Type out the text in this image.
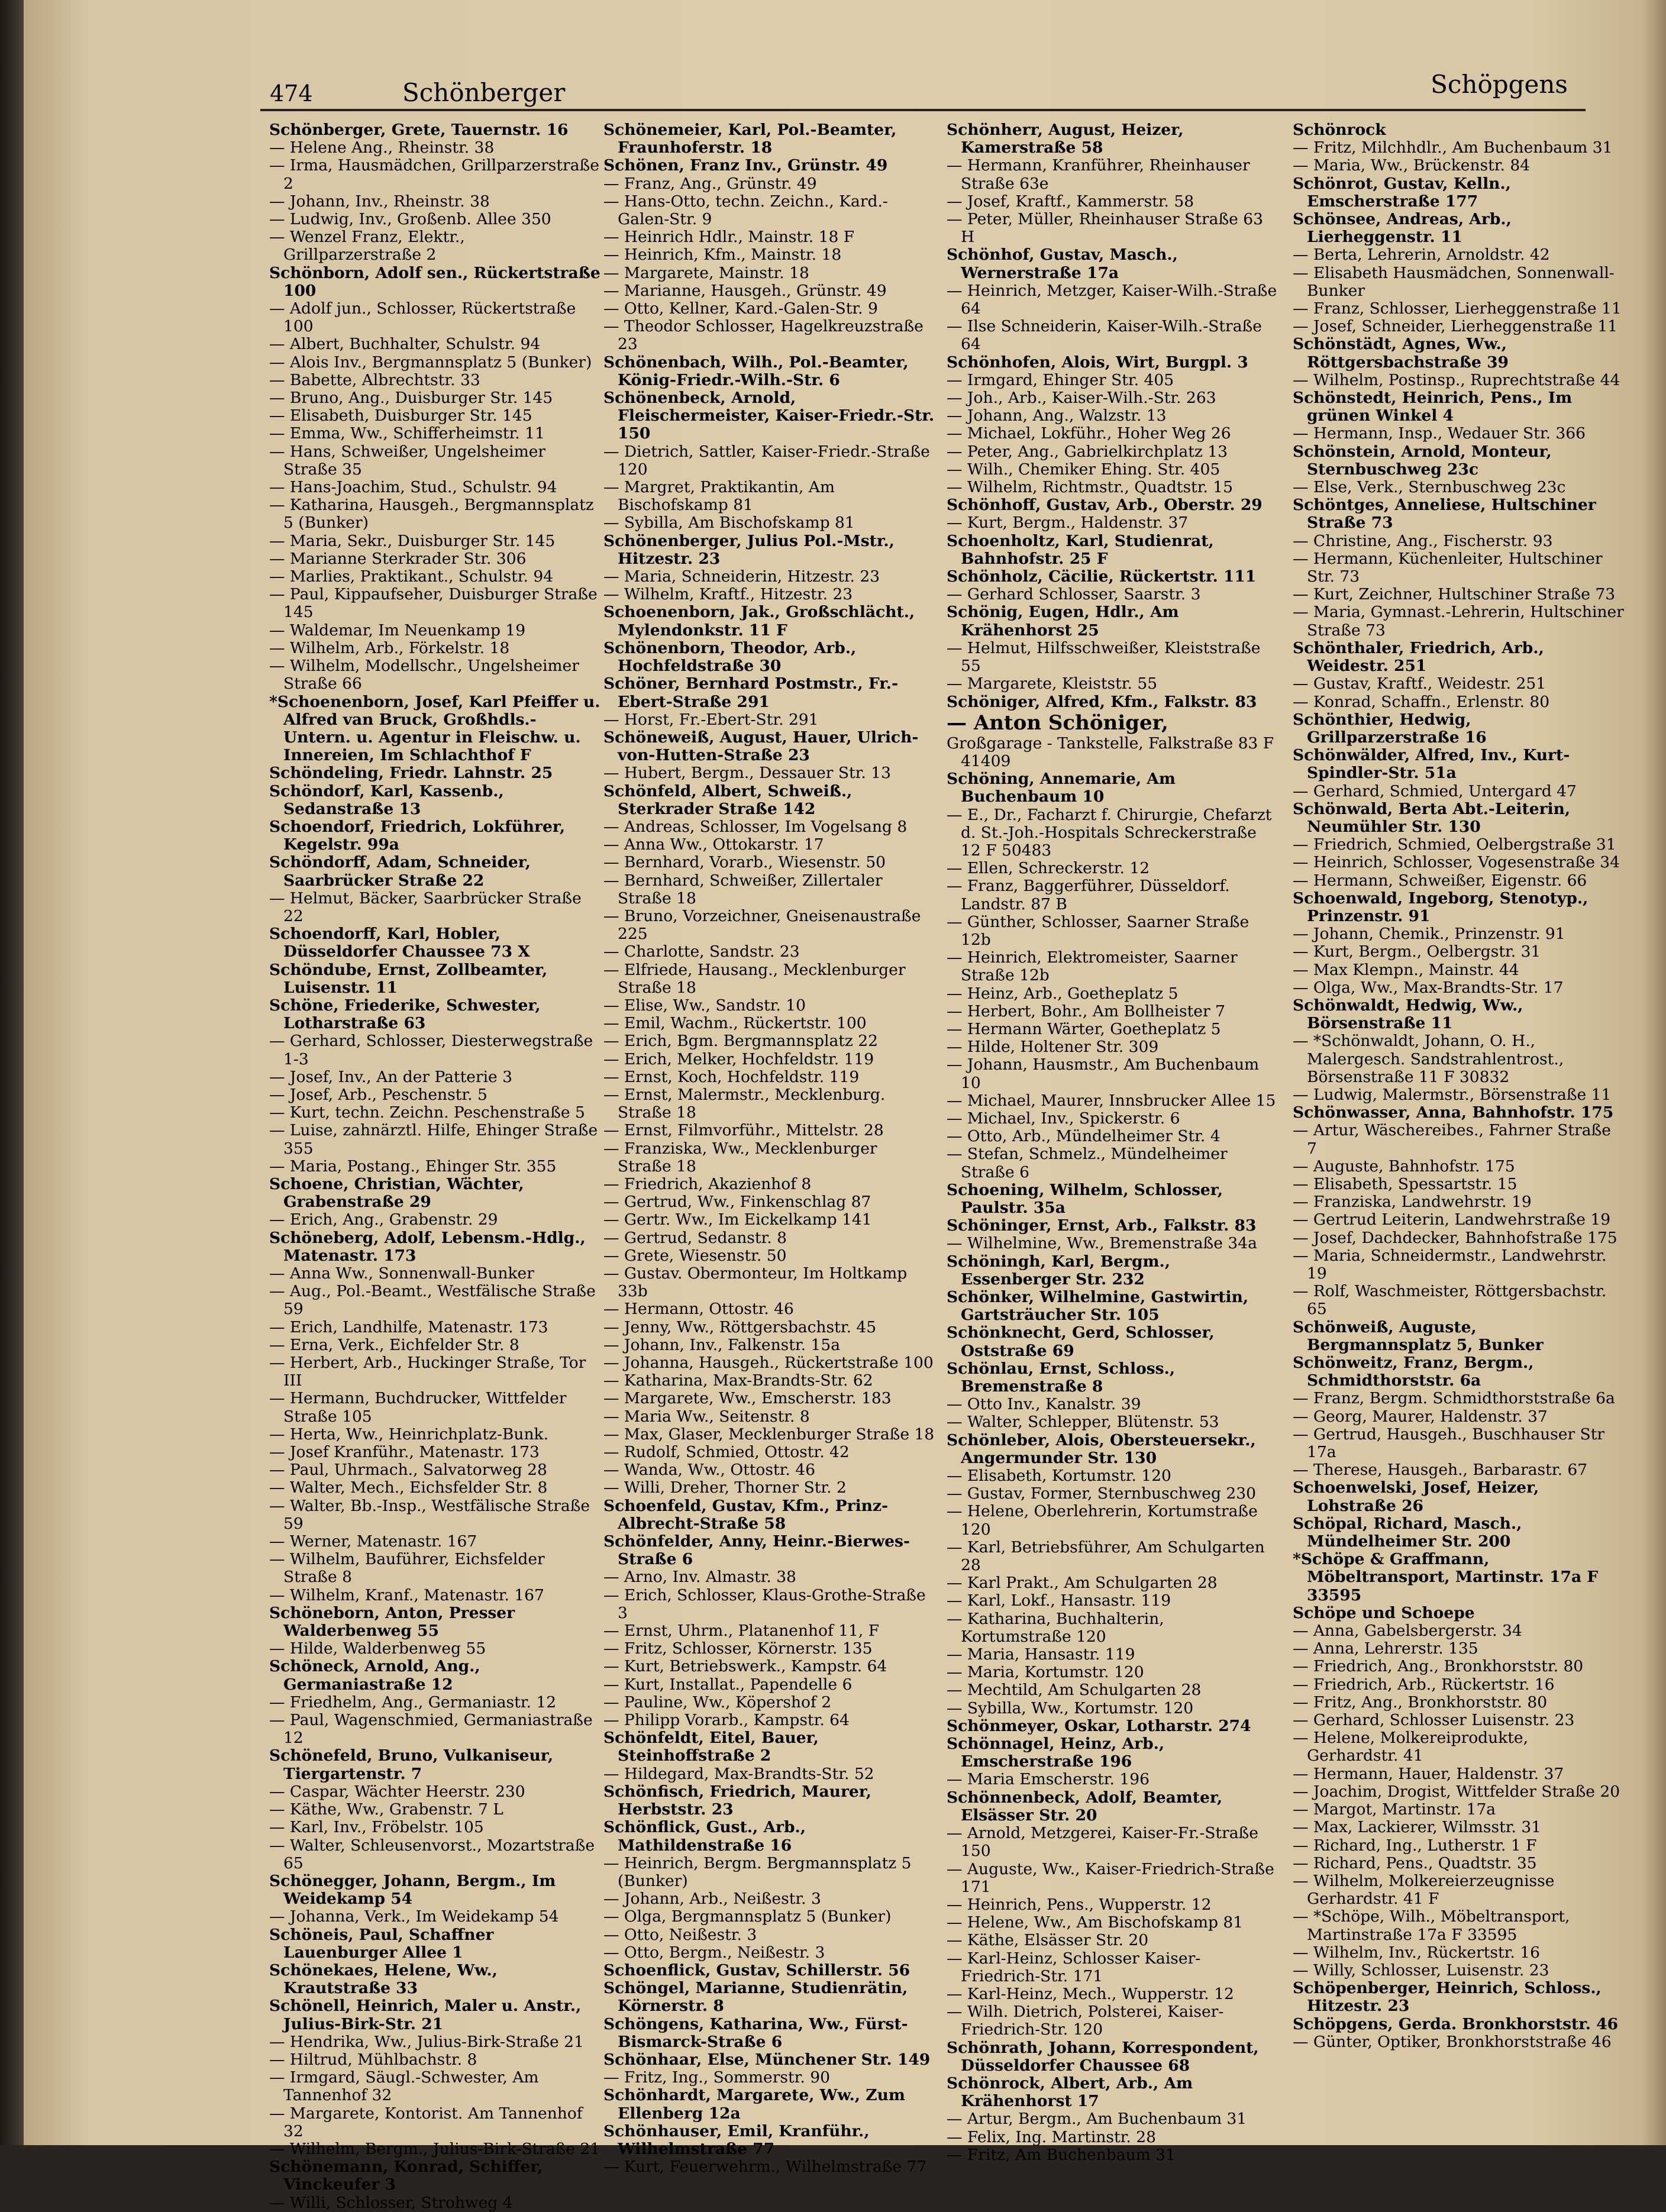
474	Schönberger	Schöpgens

Schönberger, Grete, Tauernstr. 16

— Helene Ang., Rheinstr. 38

— Irma, Hausmädchen, Grillparzerstraße 2

— Johann, Inv., Rheinstr. 38

— Ludwig, Inv., Großenb. Allee 350

— Wenzel Franz, Elektr., Grillparzerstraße 2

Schönborn, Adolf sen., Rückertstraße 100

— Adolf jun., Schlosser, Rückertstraße 100

— Albert, Buchhalter, Schulstr. 94

— Alois Inv., Bergmannsplatz 5 (Bunker)

— Babette, Albrechtstr. 33

— Bruno, Ang., Duisburger Str. 145

— Elisabeth, Duisburger Str. 145

— Emma, Ww., Schifferheimstr. 11

— Hans, Schweißer, Ungelsheimer Straße 35

— Hans-Joachim, Stud., Schulstr. 94

— Katharina, Hausgeh., Bergmannsplatz 5 (Bunker)

— Maria, Sekr., Duisburger Str. 145

— Marianne Sterkrader Str. 306

— Marlies, Praktikant., Schulstr. 94

— Paul, Kippaufseher, Duisburger Straße 145

— Waldemar, Im Neuenkamp 19

— Wilhelm, Arb., Förkelstr. 18

— Wilhelm, Modellschr., Ungelsheimer Straße 66

*Schoenenborn, Josef, Karl Pfeiffer u. Alfred van Bruck, Großhdls.-Untern. u. Agentur in Fleischw. u. Innereien, Im Schlachthof F

Schöndeling, Friedr. Lahnstr. 25

Schöndorf, Karl, Kassenb., Sedanstraße 13

Schoendorf, Friedrich, Lokführer, Kegelstr. 99a

Schöndorff, Adam, Schneider, Saarbrücker Straße 22

— Helmut, Bäcker, Saarbrücker Straße 22

Schoendorff, Karl, Hobler, Düsseldorfer Chaussee 73 X

Schöndube, Ernst, Zollbeamter, Luisenstr. 11

Schöne, Friederike, Schwester, Lotharstraße 63

— Gerhard, Schlosser, Diesterwegstraße 1-3

— Josef, Inv., An der Patterie 3

— Josef, Arb., Peschenstr. 5

— Kurt, techn. Zeichn. Peschenstraße 5

— Luise, zahnärztl. Hilfe, Ehinger Straße 355

— Maria, Postang., Ehinger Str. 355

Schoene, Christian, Wächter, Grabenstraße 29

— Erich, Ang., Grabenstr. 29

Schöneberg, Adolf, Lebensm.-Hdlg., Matenastr. 173

— Anna Ww., Sonnenwall-Bunker

— Aug., Pol.-Beamt., Westfälische Straße 59

— Erich, Landhilfe, Matenastr. 173

— Erna, Verk., Eichfelder Str. 8

— Herbert, Arb., Huckinger Straße, Tor III

— Hermann, Buchdrucker, Wittfelder Straße 105

— Herta, Ww., Heinrichplatz-Bunk.

— Josef Kranführ., Matenastr. 173

— Paul, Uhrmach., Salvatorweg 28

— Walter, Mech., Eichsfelder Str. 8

— Walter, Bb.-Insp., Westfälische Straße 59

— Werner, Matenastr. 167

— Wilhelm, Bauführer, Eichsfelder Straße 8

— Wilhelm, Kranf., Matenastr. 167

Schöneborn, Anton, Presser Walderbenweg 55

— Hilde, Walderbenweg 55

Schöneck, Arnold, Ang., Germaniastraße 12

— Friedhelm, Ang., Germaniastr. 12

— Paul, Wagenschmied, Germaniastraße 12

Schönefeld, Bruno, Vulkaniseur, Tiergartenstr. 7

— Caspar, Wächter Heerstr. 230

— Käthe, Ww., Grabenstr. 7 L

— Karl, Inv., Fröbelstr. 105

— Walter, Schleusenvorst., Mozartstraße 65

Schönegger, Johann, Bergm., Im Weidekamp 54

— Johanna, Verk., Im Weidekamp 54

Schöneis, Paul, Schaffner Lauenburger Allee 1

Schönekaes, Helene, Ww., Krautstraße 33

Schönell, Heinrich, Maler u. Anstr., Julius-Birk-Str. 21

— Hendrika, Ww., Julius-Birk-Straße 21

— Hiltrud, Mühlbachstr. 8

— Irmgard, Säugl.-Schwester, Am Tannenhof 32

— Margarete, Kontorist. Am Tannenhof 32

— Wilhelm, Bergm., Julius-Birk-Straße 21

Schönemann, Konrad, Schiffer, Vinckeufer 3

— Willi, Schlosser, Strohweg 4

Schönemeier, Karl, Pol.-Beamter, Fraunhoferstr. 18

Schönen, Franz Inv., Grünstr. 49

— Franz, Ang., Grünstr. 49

— Hans-Otto, techn. Zeichn., Kard.-Galen-Str. 9

— Heinrich Hdlr., Mainstr. 18 F

— Heinrich, Kfm., Mainstr. 18

— Margarete, Mainstr. 18

— Marianne, Hausgeh., Grünstr. 49

— Otto, Kellner, Kard.-Galen-Str. 9

— Theodor Schlosser, Hagelkreuzstraße 23

Schönenbach, Wilh., Pol.-Beamter, König-Friedr.-Wilh.-Str. 6

Schönenbeck, Arnold, Fleischermeister, Kaiser-Friedr.-Str. 150

— Dietrich, Sattler, Kaiser-Friedr.-Straße 120

— Margret, Praktikantin, Am Bischofskamp 81

— Sybilla, Am Bischofskamp 81

Schönenberger, Julius Pol.-Mstr., Hitzestr. 23

— Maria, Schneiderin, Hitzestr. 23

— Wilhelm, Kraftf., Hitzestr. 23

Schoenenborn, Jak., Großschlächt., Mylendonkstr. 11 F

Schönenborn, Theodor, Arb., Hochfeldstraße 30

Schöner, Bernhard Postmstr., Fr.-Ebert-Straße 291

— Horst, Fr.-Ebert-Str. 291

Schöneweiß, August, Hauer, Ulrich-von-Hutten-Straße 23

— Hubert, Bergm., Dessauer Str. 13

Schönfeld, Albert, Schweiß., Sterkrader Straße 142

— Andreas, Schlosser, Im Vogelsang 8

— Anna Ww., Ottokarstr. 17

— Bernhard, Vorarb., Wiesenstr. 50

— Bernhard, Schweißer, Zillertaler Straße 18

— Bruno, Vorzeichner, Gneisenaustraße 225

— Charlotte, Sandstr. 23

— Elfriede, Hausang., Mecklenburger Straße 18

— Elise, Ww., Sandstr. 10

— Emil, Wachm., Rückertstr. 100

— Erich, Bgm. Bergmannsplatz 22

— Erich, Melker, Hochfeldstr. 119

— Ernst, Koch, Hochfeldstr. 119

— Ernst, Malermstr., Mecklenburg. Straße 18

— Ernst, Filmvorführ., Mittelstr. 28

— Franziska, Ww., Mecklenburger Straße 18

— Friedrich, Akazienhof 8

— Gertrud, Ww., Finkenschlag 87

— Gertr. Ww., Im Eickelkamp 141

— Gertrud, Sedanstr. 8

— Grete, Wiesenstr. 50

— Gustav. Obermonteur, Im Holtkamp 33b

— Hermann, Ottostr. 46

— Jenny, Ww., Röttgersbachstr. 45

— Johann, Inv., Falkenstr. 15a

— Johanna, Hausgeh., Rückertstraße 100

— Katharina, Max-Brandts-Str. 62

— Margarete, Ww., Emscherstr. 183

— Maria Ww., Seitenstr. 8

— Max, Glaser, Mecklenburger Straße 18

— Rudolf, Schmied, Ottostr. 42

— Wanda, Ww., Ottostr. 46

— Willi, Dreher, Thorner Str. 2

Schoenfeld, Gustav, Kfm., Prinz-Albrecht-Straße 58

Schönfelder, Anny, Heinr.-Bierwes-Straße 6

— Arno, Inv. Almastr. 38

— Erich, Schlosser, Klaus-Grothe-Straße 3

— Ernst, Uhrm., Platanenhof 11, F

— Fritz, Schlosser, Körnerstr. 135

— Kurt, Betriebswerk., Kampstr. 64

— Kurt, Installat., Papendelle 6

— Pauline, Ww., Köpershof 2

— Philipp Vorarb., Kampstr. 64

Schönfeldt, Eitel, Bauer, Steinhoffstraße 2

— Hildegard, Max-Brandts-Str. 52

Schönfisch, Friedrich, Maurer, Herbststr. 23

Schönflick, Gust., Arb., Mathildenstraße 16

— Heinrich, Bergm. Bergmannsplatz 5 (Bunker)

— Johann, Arb., Neißestr. 3

— Olga, Bergmannsplatz 5 (Bunker)

— Otto, Neißestr. 3

— Otto, Bergm., Neißestr. 3

Schoenflick, Gustav, Schillerstr. 56

Schöngel, Marianne, Studienrätin, Körnerstr. 8

Schöngens, Katharina, Ww., Fürst-Bismarck-Straße 6

Schönhaar, Else, Münchener Str. 149

— Fritz, Ing., Sommerstr. 90

Schönhardt, Margarete, Ww., Zum Ellenberg 12a

Schönhauser, Emil, Kranführ., Wilhelmstraße 77

— Kurt, Feuerwehrm., Wilhelmstraße 77

Schönherr, August, Heizer, Kamerstraße 58

— Hermann, Kranführer, Rheinhauser Straße 63e

— Josef, Kraftf., Kammerstr. 58

— Peter, Müller, Rheinhauser Straße 63 H

Schönhof, Gustav, Masch., Wernerstraße 17a

— Heinrich, Metzger, Kaiser-Wilh.-Straße 64

— Ilse Schneiderin, Kaiser-Wilh.-Straße 64

Schönhofen, Alois, Wirt, Burgpl. 3

— Irmgard, Ehinger Str. 405

— Joh., Arb., Kaiser-Wilh.-Str. 263

— Johann, Ang., Walzstr. 13

— Michael, Lokführ., Hoher Weg 26

— Peter, Ang., Gabrielkirchplatz 13

— Wilh., Chemiker Ehing. Str. 405

— Wilhelm, Richtmstr., Quadtstr. 15

Schönhoff, Gustav, Arb., Oberstr. 29

— Kurt, Bergm., Haldenstr. 37

Schoenholtz, Karl, Studienrat, Bahnhofstr. 25 F

Schönholz, Cäcilie, Rückertstr. 111

— Gerhard Schlosser, Saarstr. 3

Schönig, Eugen, Hdlr., Am Krähenhorst 25

— Helmut, Hilfsschweißer, Kleiststraße 55

— Margarete, Kleiststr. 55

Schöniger, Alfred, Kfm., Falkstr. 83

— Anton Schöniger,

Großgarage - Tankstelle, Falkstraße 83 F 41409

Schöning, Annemarie, Am Buchenbaum 10

— E., Dr., Facharzt f. Chirurgie, Chefarzt d. St.-Joh.-Hospitals Schreckerstraße 12 F 50483

— Ellen, Schreckerstr. 12

— Franz, Baggerführer, Düsseldorf. Landstr. 87 B

— Günther, Schlosser, Saarner Straße 12b

— Heinrich, Elektromeister, Saarner Straße 12b

— Heinz, Arb., Goetheplatz 5

— Herbert, Bohr., Am Bollheister 7

— Hermann Wärter, Goetheplatz 5

— Hilde, Holtener Str. 309

— Johann, Hausmstr., Am Buchenbaum 10

— Michael, Maurer, Innsbrucker Allee 15

— Michael, Inv., Spickerstr. 6

— Otto, Arb., Mündelheimer Str. 4

— Stefan, Schmelz., Mündelheimer Straße 6

Schoening, Wilhelm, Schlosser, Paulstr. 35a

Schöninger, Ernst, Arb., Falkstr. 83

— Wilhelmine, Ww., Bremenstraße 34a

Schöningh, Karl, Bergm., Essenberger Str. 232

Schönker, Wilhelmine, Gastwirtin, Gartsträucher Str. 105

Schönknecht, Gerd, Schlosser, Oststraße 69

Schönlau, Ernst, Schloss., Bremenstraße 8

— Otto Inv., Kanalstr. 39

— Walter, Schlepper, Blütenstr. 53

Schönleber, Alois, Obersteuersekr., Angermunder Str. 130

— Elisabeth, Kortumstr. 120

— Gustav, Former, Sternbuschweg 230

— Helene, Oberlehrerin, Kortumstraße 120

— Karl, Betriebsführer, Am Schulgarten 28

— Karl Prakt., Am Schulgarten 28

— Karl, Lokf., Hansastr. 119

— Katharina, Buchhalterin, Kortumstraße 120

— Maria, Hansastr. 119

— Maria, Kortumstr. 120

— Mechtild, Am Schulgarten 28

— Sybilla, Ww., Kortumstr. 120

Schönmeyer, Oskar, Lotharstr. 274

Schönnagel, Heinz, Arb., Emscherstraße 196

— Maria Emscherstr. 196

Schönnenbeck, Adolf, Beamter, Elsässer Str. 20

— Arnold, Metzgerei, Kaiser-Fr.-Straße 150

— Auguste, Ww., Kaiser-Friedrich-Straße 171

— Heinrich, Pens., Wupperstr. 12

— Helene, Ww., Am Bischofskamp 81

— Käthe, Elsässer Str. 20

— Karl-Heinz, Schlosser Kaiser-Friedrich-Str. 171

— Karl-Heinz, Mech., Wupperstr. 12

— Wilh. Dietrich, Polsterei, Kaiser-Friedrich-Str. 120

Schönrath, Johann, Korrespondent, Düsseldorfer Chaussee 68

Schönrock, Albert, Arb., Am Krähenhorst 17

— Artur, Bergm., Am Buchenbaum 31

— Felix, Ing. Martinstr. 28

— Fritz, Am Buchenbaum 31

Schönrock

— Fritz, Milchhdlr., Am Buchenbaum 31

— Maria, Ww., Brückenstr. 84

Schönrot, Gustav, Kelln., Emscherstraße 177

Schönsee, Andreas, Arb., Lierheggenstr. 11

— Berta, Lehrerin, Arnoldstr. 42

— Elisabeth Hausmädchen, Sonnenwall-Bunker

— Franz, Schlosser, Lierheggenstraße 11

— Josef, Schneider, Lierheggenstraße 11

Schönstädt, Agnes, Ww., Röttgersbachstraße 39

— Wilhelm, Postinsp., Ruprechtstraße 44

Schönstedt, Heinrich, Pens., Im grünen Winkel 4

— Hermann, Insp., Wedauer Str. 366

Schönstein, Arnold, Monteur, Sternbuschweg 23c

— Else, Verk., Sternbuschweg 23c

Schöntges, Anneliese, Hultschiner Straße 73

— Christine, Ang., Fischerstr. 93

— Hermann, Küchenleiter, Hultschiner Str. 73

— Kurt, Zeichner, Hultschiner Straße 73

— Maria, Gymnast.-Lehrerin, Hultschiner Straße 73

Schönthaler, Friedrich, Arb., Weidestr. 251

— Gustav, Kraftf., Weidestr. 251

— Konrad, Schaffn., Erlenstr. 80

Schönthier, Hedwig, Grillparzerstraße 16

Schönwälder, Alfred, Inv., Kurt-Spindler-Str. 51a

— Gerhard, Schmied, Untergard 47

Schönwald, Berta Abt.-Leiterin, Neumühler Str. 130

— Friedrich, Schmied, Oelbergstraße 31

— Heinrich, Schlosser, Vogesenstraße 34

— Hermann, Schweißer, Eigenstr. 66

Schoenwald, Ingeborg, Stenotyp., Prinzenstr. 91

— Johann, Chemik., Prinzenstr. 91

— Kurt, Bergm., Oelbergstr. 31

— Max Klempn., Mainstr. 44

— Olga, Ww., Max-Brandts-Str. 17

Schönwaldt, Hedwig, Ww., Börsenstraße 11

— *Schönwaldt, Johann, O. H., Malergesch. Sandstrahlentrost., Börsenstraße 11 F 30832

— Ludwig, Malermstr., Börsenstraße 11

Schönwasser, Anna, Bahnhofstr. 175

— Artur, Wäschereibes., Fahrner Straße 7

— Auguste, Bahnhofstr. 175

— Elisabeth, Spessartstr. 15

— Franziska, Landwehrstr. 19

— Gertrud Leiterin, Landwehrstraße 19

— Josef, Dachdecker, Bahnhofstraße 175

— Maria, Schneidermstr., Landwehrstr. 19

— Rolf, Waschmeister, Röttgersbachstr. 65

Schönweiß, Auguste, Bergmannsplatz 5, Bunker

Schönweitz, Franz, Bergm., Schmidthorststr. 6a

— Franz, Bergm. Schmidthorststraße 6a

— Georg, Maurer, Haldenstr. 37

— Gertrud, Hausgeh., Buschhauser Str 17a

— Therese, Hausgeh., Barbarastr. 67

Schoenwelski, Josef, Heizer, Lohstraße 26

Schöpal, Richard, Masch., Mündelheimer Str. 200

*Schöpe & Graffmann, Möbeltransport, Martinstr. 17a F 33595

Schöpe und Schoepe

— Anna, Gabelsbergerstr. 34

— Anna, Lehrerstr. 135

— Friedrich, Ang., Bronkhorststr. 80

— Friedrich, Arb., Rückertstr. 16

— Fritz, Ang., Bronkhorststr. 80

— Gerhard, Schlosser Luisenstr. 23

— Helene, Molkereiprodukte, Gerhardstr. 41

— Hermann, Hauer, Haldenstr. 37

— Joachim, Drogist, Wittfelder Straße 20

— Margot, Martinstr. 17a

— Max, Lackierer, Wilmsstr. 31

— Richard, Ing., Lutherstr. 1 F

— Richard, Pens., Quadtstr. 35

— Wilhelm, Molkereierzeugnisse Gerhardstr. 41 F

— *Schöpe, Wilh., Möbeltransport, Martinstraße 17a F 33595

— Wilhelm, Inv., Rückertstr. 16

— Willy, Schlosser, Luisenstr. 23

Schöpenberger, Heinrich, Schloss., Hitzestr. 23

Schöpgens, Gerda. Bronkhorststr. 46

— Günter, Optiker, Bronkhorststraße 46
